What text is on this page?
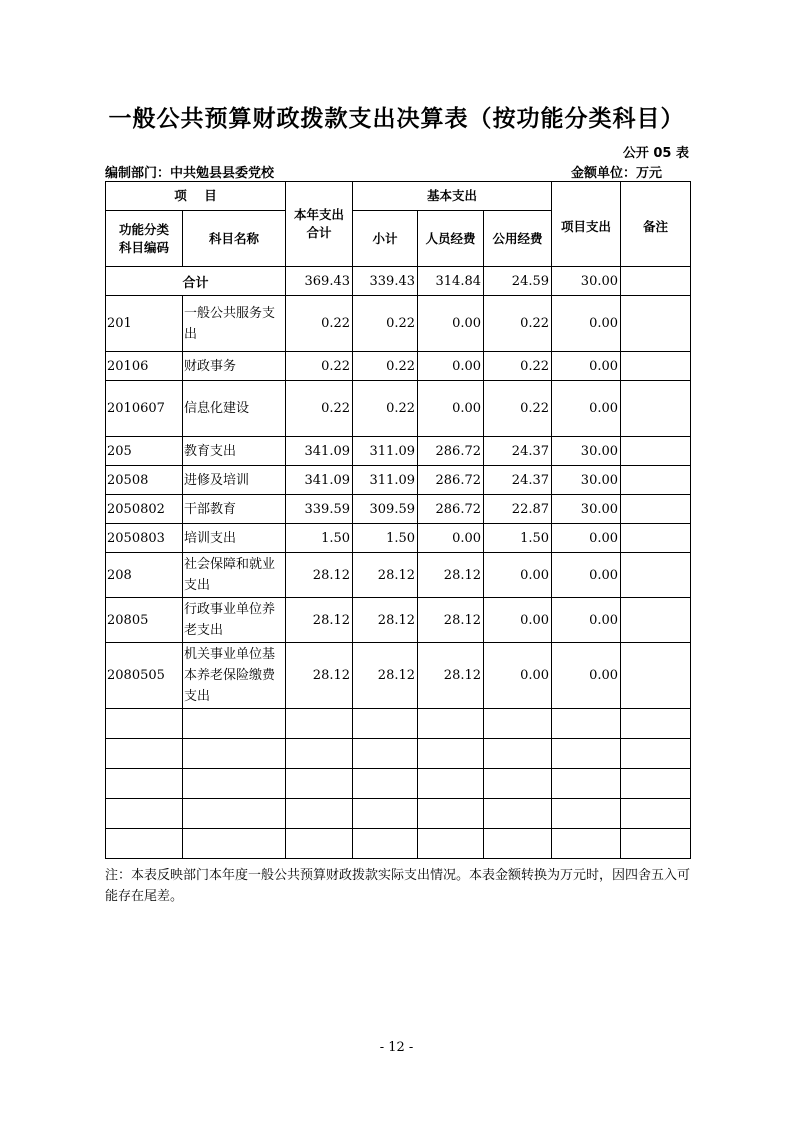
一般公共预算财政拨款支出决算表（按功能分类科目）
公开 05 表
编制部门：中共勉县县委党校	金额单位：万元
项    目		本年支出合计	基本支出			项目支出	备注
功能分类科目编码	科目名称		小计	人员经费	公用经费		
合计		369.43	339.43	314.84	24.59	30.00	
201	一般公共服务支出	0.22	0.22	0.00	0.22	0.00	
20106	财政事务	0.22	0.22	0.00	0.22	0.00	
2010607	信息化建设	0.22	0.22	0.00	0.22	0.00	
205	教育支出	341.09	311.09	286.72	24.37	30.00	
20508	进修及培训	341.09	311.09	286.72	24.37	30.00	
2050802	干部教育	339.59	309.59	286.72	22.87	30.00	
2050803	培训支出	1.50	1.50	0.00	1.50	0.00	
208	社会保障和就业支出	28.12	28.12	28.12	0.00	0.00	
20805	行政事业单位养老支出	28.12	28.12	28.12	0.00	0.00	
2080505	机关事业单位基本养老保险缴费支出	28.12	28.12	28.12	0.00	0.00	

注：本表反映部门本年度一般公共预算财政拨款实际支出情况。本表金额转换为万元时，因四舍五入可能存在尾差。
- 12 -
